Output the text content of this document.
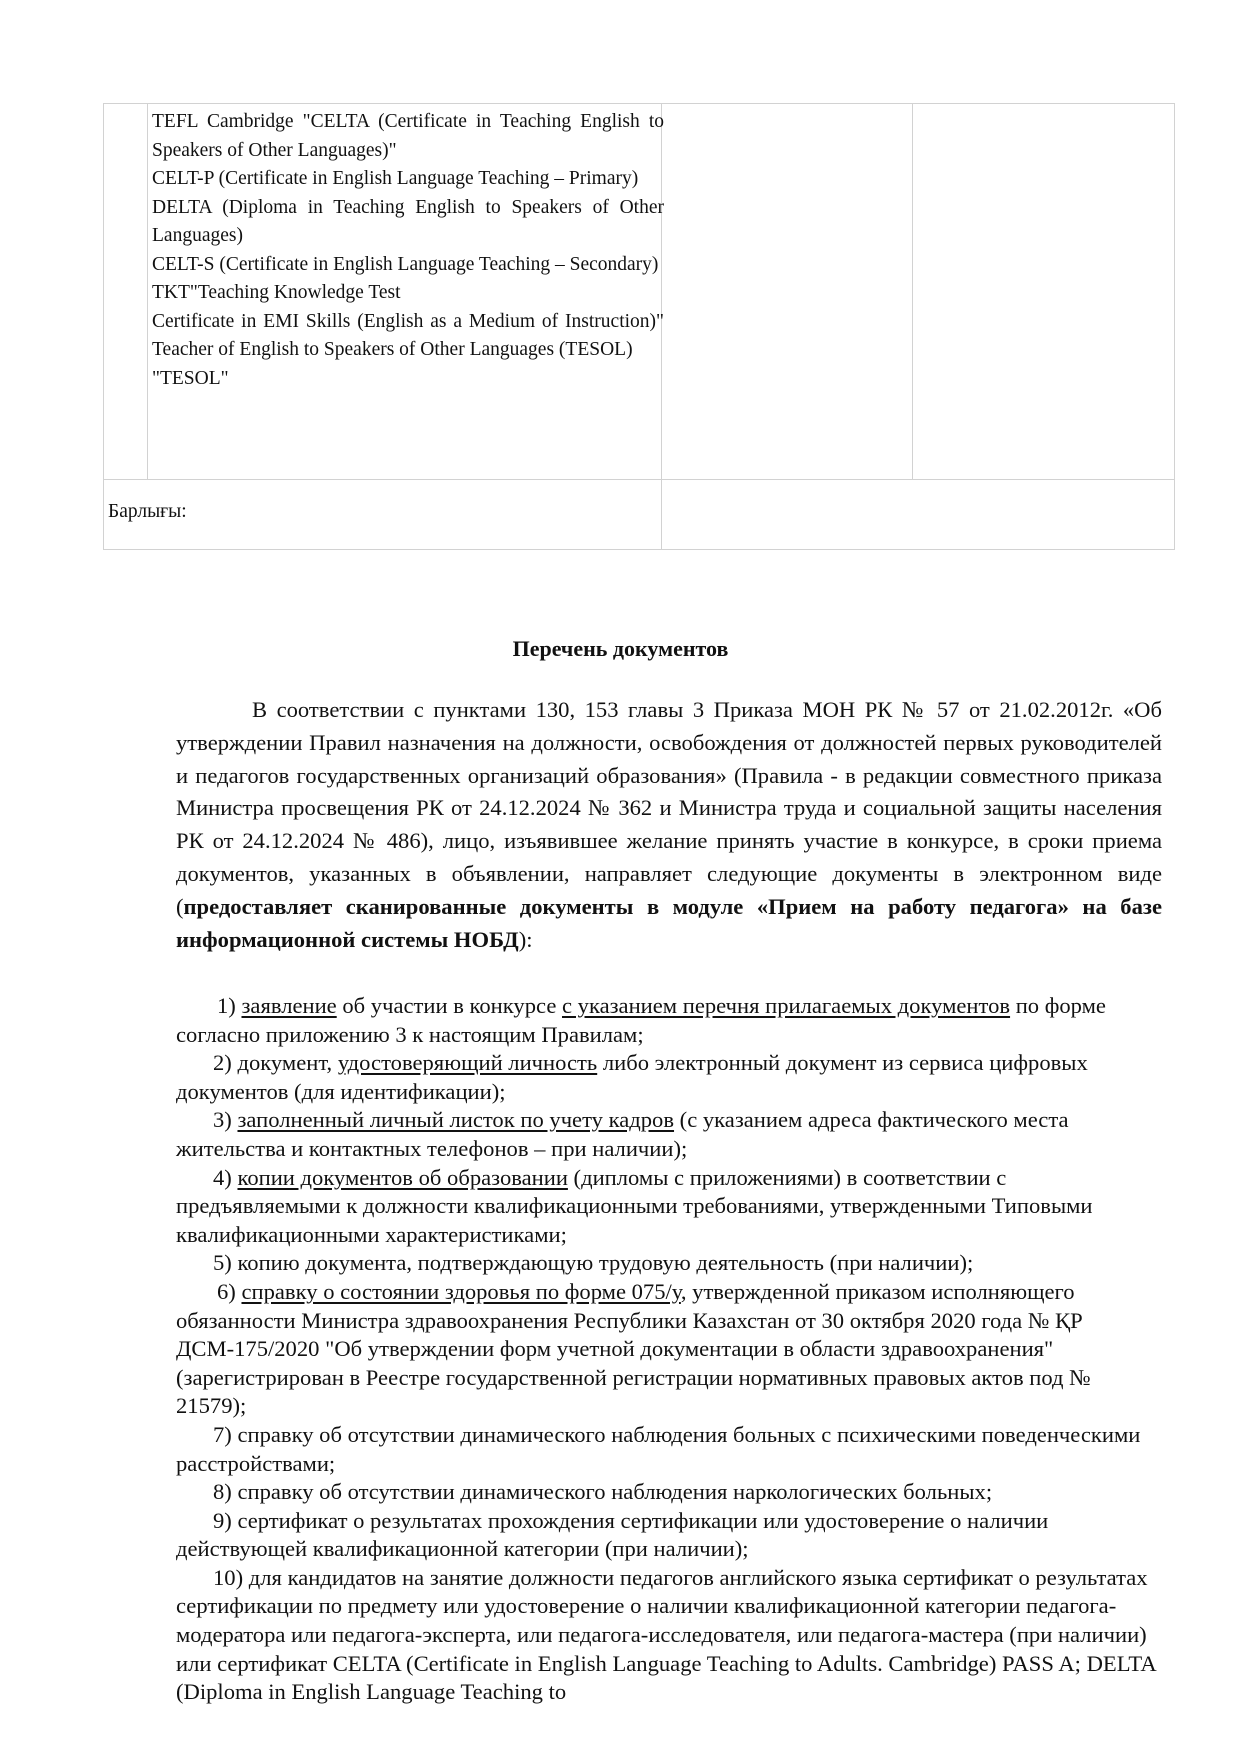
TEFL Cambridge "CELTA (Certificate in Teaching English to Speakers of Other Languages)"

CELT-P (Certificate in English Language Teaching – Primary)

DELTA (Diploma in Teaching English to Speakers of Other Languages)

CELT-S (Certificate in English Language Teaching – Secondary)

TKT"Teaching Knowledge Test

Certificate in EMI Skills (English as a Medium of Instruction)" Teacher of English to Speakers of Other Languages (TESOL)

"TESOL"

Барлығы:
Перечень документов
В соответствии с пунктами 130, 153 главы 3 Приказа МОН РК № 57 от 21.02.2012г. «Об утверждении Правил назначения на должности, освобождения от должностей первых руководителей и педагогов государственных организаций образования» (Правила - в редакции совместного приказа Министра просвещения РК от 24.12.2024 № 362 и Министра труда и социальной защиты населения РК от 24.12.2024 № 486), лицо, изъявившее желание принять участие в конкурсе, в сроки приема документов, указанных в объявлении, направляет следующие документы в электронном виде (предоставляет сканированные документы в модуле «Прием на работу педагога» на базе информационной системы НОБД):

1) заявление об участии в конкурсе с указанием перечня прилагаемых документов по форме согласно приложению 3 к настоящим Правилам;

2) документ, удостоверяющий личность либо электронный документ из сервиса цифровых документов (для идентификации);

3) заполненный личный листок по учету кадров (с указанием адреса фактического места жительства и контактных телефонов – при наличии);

4) копии документов об образовании (дипломы с приложениями) в соответствии с предъявляемыми к должности квалификационными требованиями, утвержденными Типовыми квалификационными характеристиками;

5) копию документа, подтверждающую трудовую деятельность (при наличии);

6) справку о состоянии здоровья по форме 075/у, утвержденной приказом исполняющего обязанности Министра здравоохранения Республики Казахстан от 30 октября 2020 года № ҚР ДСМ-175/2020 "Об утверждении форм учетной документации в области здравоохранения" (зарегистрирован в Реестре государственной регистрации нормативных правовых актов под № 21579);

7) справку об отсутствии динамического наблюдения больных с психическими поведенческими расстройствами;

8) справку об отсутствии динамического наблюдения наркологических больных;

9) сертификат о результатах прохождения сертификации или удостоверение о наличии действующей квалификационной категории (при наличии);

10) для кандидатов на занятие должности педагогов английского языка сертификат о результатах сертификации по предмету или удостоверение о наличии квалификационной категории педагога-модератора или педагога-эксперта, или педагога-исследователя, или педагога-мастера (при наличии) или сертификат CELTA (Certificate in English Language Teaching to Adults. Cambridge) PASS A; DELTA (Diploma in English Language Teaching to
